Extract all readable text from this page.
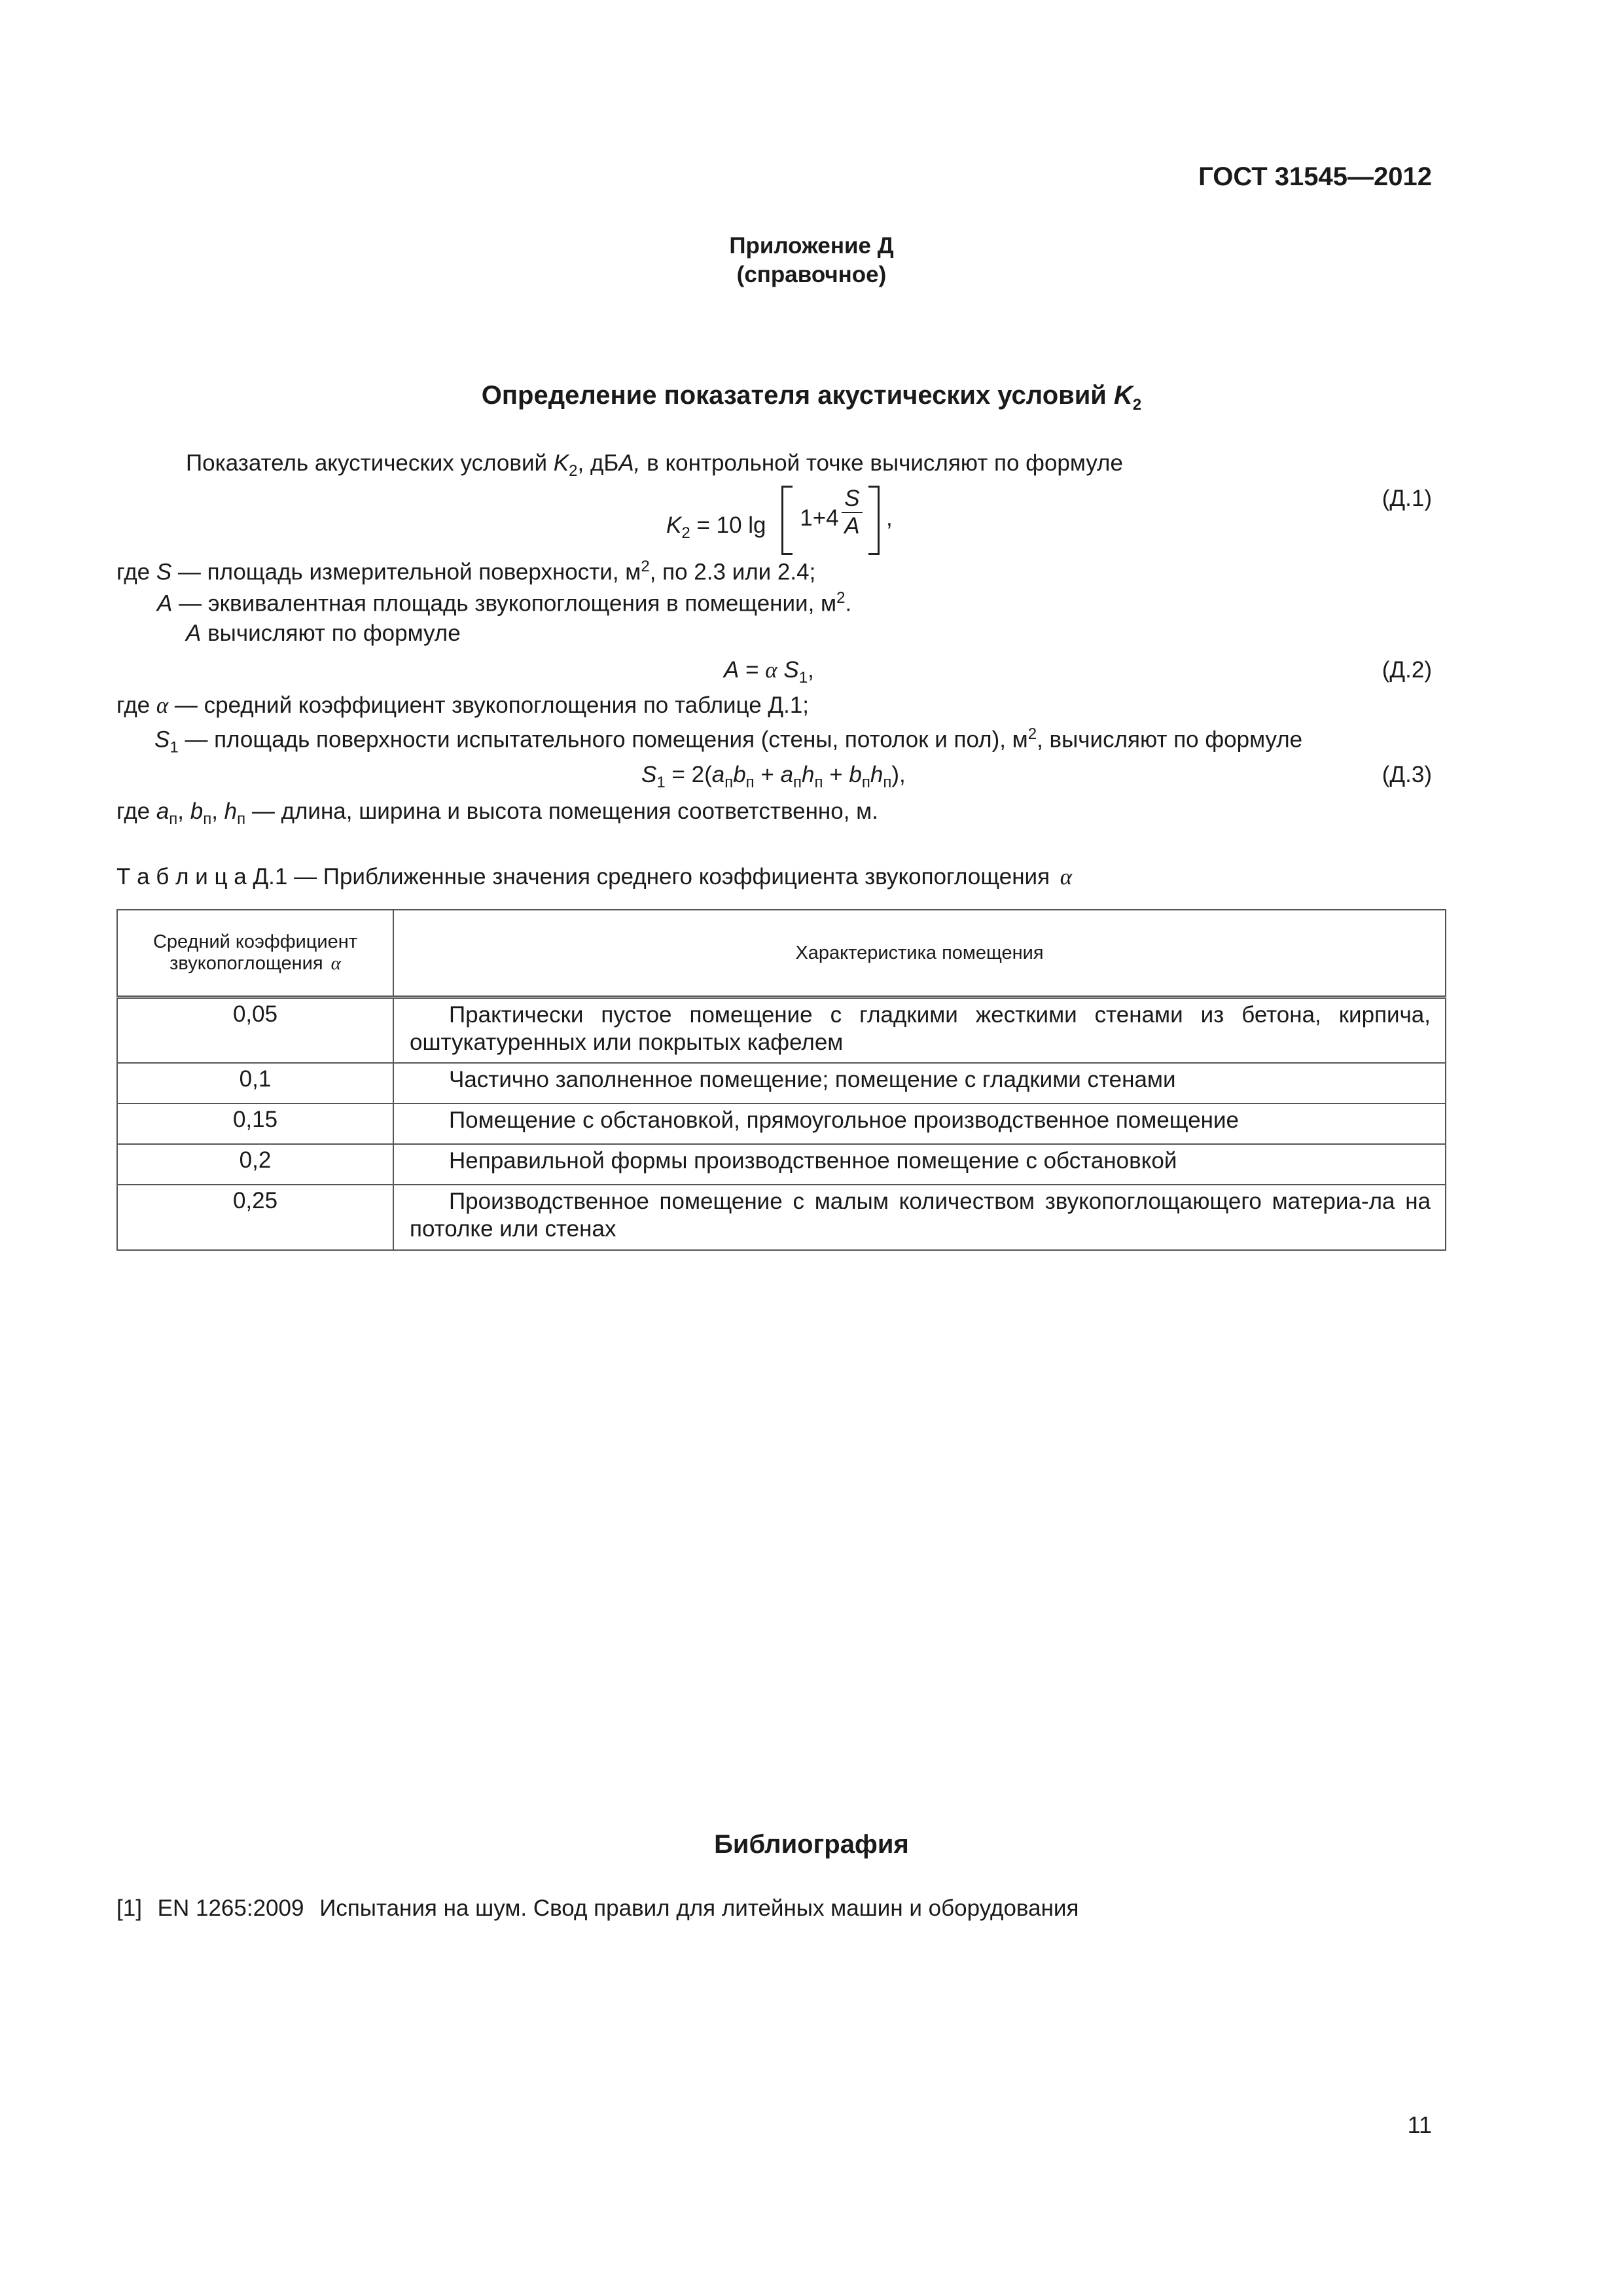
ГОСТ 31545—2012
Приложение Д
(справочное)
Определение показателя акустических условий $K_2$
Показатель акустических условий $K_2$, дБА, в контрольной точке вычисляют по формуле
$K_2 = 10$ $\lg 1+4 \frac{S}{A}$ ,
(Д.1)
где S — площадь измерительной поверхности, $м^2$, по 2.3 или 2.4;
A — эквивалентная площадь звукопоглощения в помещении, $м^2$.
A вычисляют по формуле
A = α $S_1$,	(Д.2)
где α — средний коэффициент звукопоглощения по таблице Д.1;
$S_1$ — площадь поверхности испытательного помещения (стены, потолок и пол), $м^2$, вычисляют по формуле
$S_1 = 2(a_пb_п + a_пh_п + b_пh_п)$,	(Д.3)
где $a_п$, $b_п$, $h_п$ — длина, ширина и высота помещения соответственно, м.
Т а б л и ц а Д.1 — Приближенные значения среднего коэффициента звукопоглощения α
Средний коэффициент
звукопоглощения α	Характеристика помещения
0,05	Практически пустое помещение с гладкими жесткими стенами из бетона, кирпича, оштукатуренных или покрытых кафелем

0,1	Частично заполненное помещение; помещение с гладкими стенами

0,15	Помещение с обстановкой, прямоугольное производственное помещение

0,2	Неправильной формы производственное помещение с обстановкой

0,25	Производственное помещение с малым количеством звукопоглощающего материа-ла на потолке или стенах
Библиография
[1] EN 1265:2009 Испытания на шум. Свод правил для литейных машин и оборудования
11
